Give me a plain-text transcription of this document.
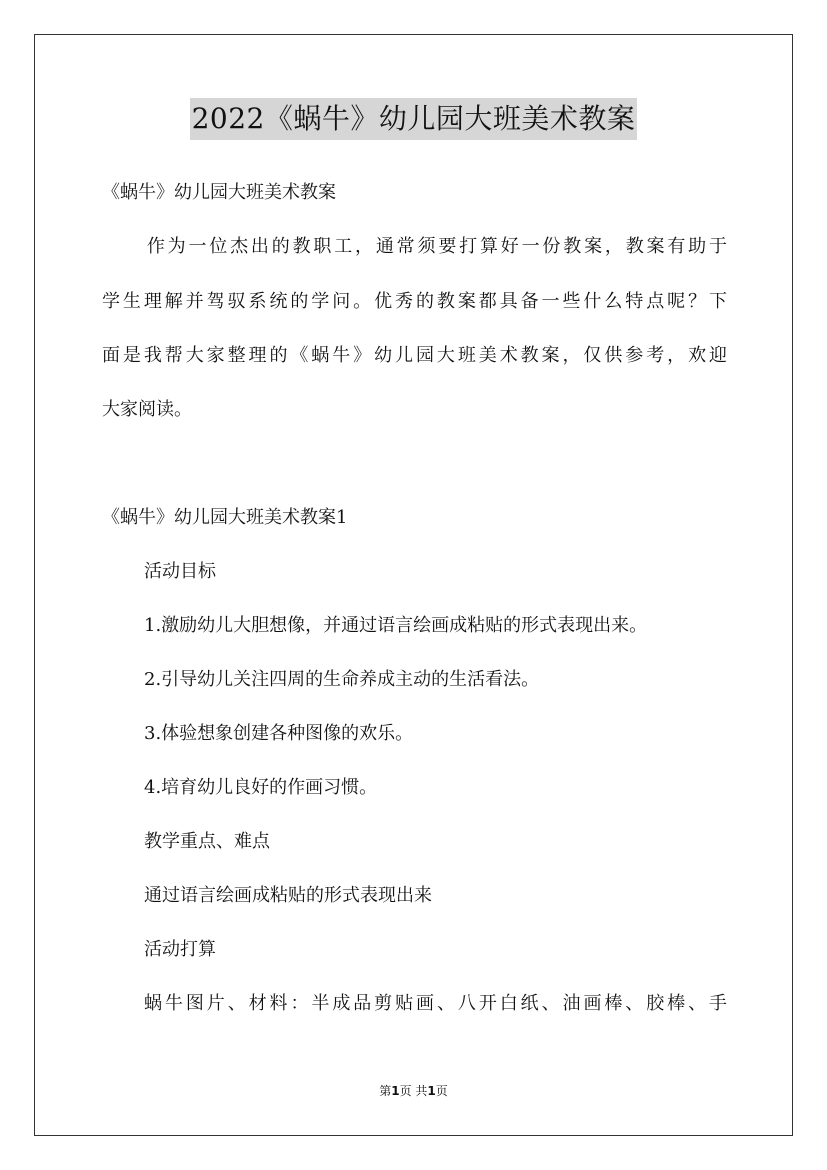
2022《蜗牛》幼儿园大班美术教案
《蜗牛》幼儿园大班美术教案
作为一位杰出的教职工，通常须要打算好一份教案，教案有助于
学生理解并驾驭系统的学问。优秀的教案都具备一些什么特点呢？下
面是我帮大家整理的《蜗牛》幼儿园大班美术教案，仅供参考，欢迎
大家阅读。
《蜗牛》幼儿园大班美术教案1
活动目标
1.激励幼儿大胆想像，并通过语言绘画成粘贴的形式表现出来。
2.引导幼儿关注四周的生命养成主动的生活看法。
3.体验想象创建各种图像的欢乐。
4.培育幼儿良好的作画习惯。
教学重点、难点
通过语言绘画成粘贴的形式表现出来
活动打算
蜗牛图片、材料：半成品剪贴画、八开白纸、油画棒、胶棒、手
第1页 共1页
